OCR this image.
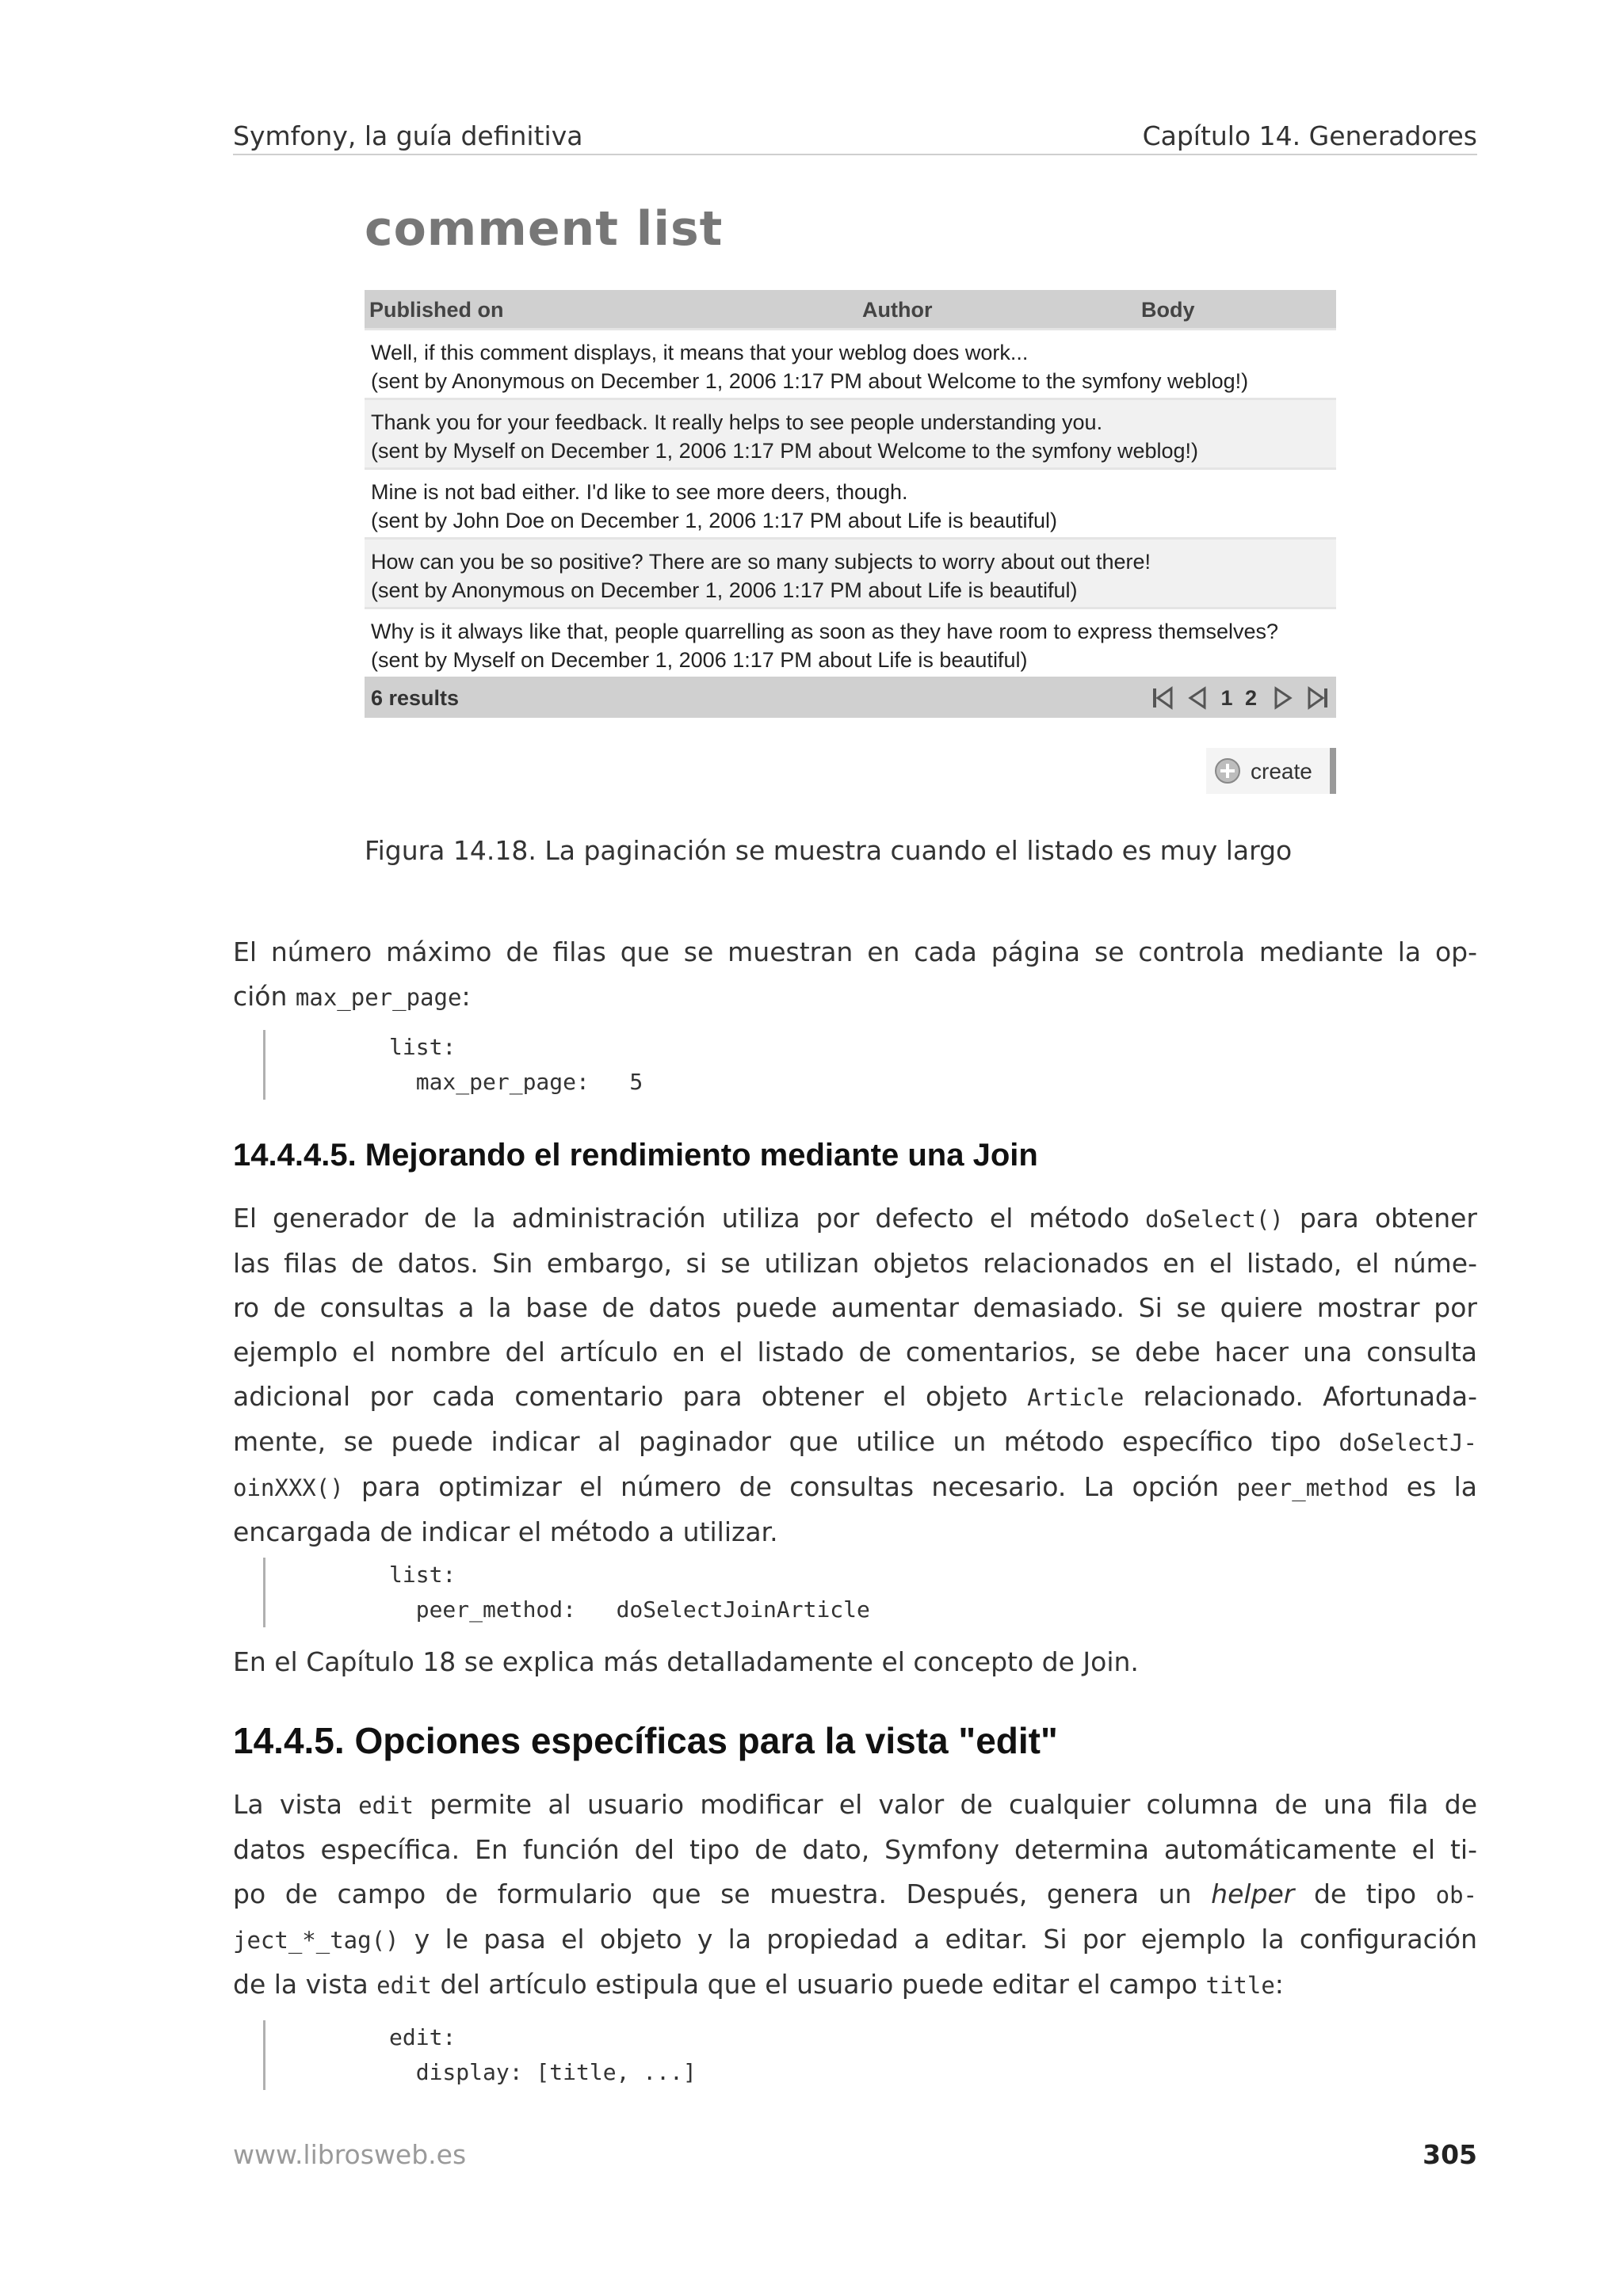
Symfony, la guía definitiva	Capítulo 14. Generadores
comment list
Published on	Author	Body
Well, if this comment displays, it means that your weblog does work...
(sent by Anonymous on December 1, 2006 1:17 PM about Welcome to the symfony weblog!)
Thank you for your feedback. It really helps to see people understanding you.
(sent by Myself on December 1, 2006 1:17 PM about Welcome to the symfony weblog!)
Mine is not bad either. I'd like to see more deers, though.
(sent by John Doe on December 1, 2006 1:17 PM about Life is beautiful)
How can you be so positive? There are so many subjects to worry about out there!
(sent by Anonymous on December 1, 2006 1:17 PM about Life is beautiful)
Why is it always like that, people quarrelling as soon as they have room to express themselves?
(sent by Myself on December 1, 2006 1:17 PM about Life is beautiful)
6 results	1 2
create
Figura 14.18. La paginación se muestra cuando el listado es muy largo
El número máximo de filas que se muestran en cada página se controla mediante la op-
ción max_per_page:
list:
max_per_page:   5
14.4.4.5. Mejorando el rendimiento mediante una Join
El generador de la administración utiliza por defecto el método doSelect() para obtener
las filas de datos. Sin embargo, si se utilizan objetos relacionados en el listado, el núme-
ro de consultas a la base de datos puede aumentar demasiado. Si se quiere mostrar por
ejemplo el nombre del artículo en el listado de comentarios, se debe hacer una consulta
adicional por cada comentario para obtener el objeto Article relacionado. Afortunada-
mente, se puede indicar al paginador que utilice un método específico tipo doSelectJ-
oinXXX() para optimizar el número de consultas necesario. La opción peer_method es la
encargada de indicar el método a utilizar.
list:
peer_method:   doSelectJoinArticle
En el Capítulo 18 se explica más detalladamente el concepto de Join.
14.4.5. Opciones específicas para la vista "edit"
La vista edit permite al usuario modificar el valor de cualquier columna de una fila de
datos específica. En función del tipo de dato, Symfony determina automáticamente el ti-
po de campo de formulario que se muestra. Después, genera un helper de tipo ob-
ject_*_tag() y le pasa el objeto y la propiedad a editar. Si por ejemplo la configuración
de la vista edit del artículo estipula que el usuario puede editar el campo title:
edit:
display: [title, ...]
www.librosweb.es	305
